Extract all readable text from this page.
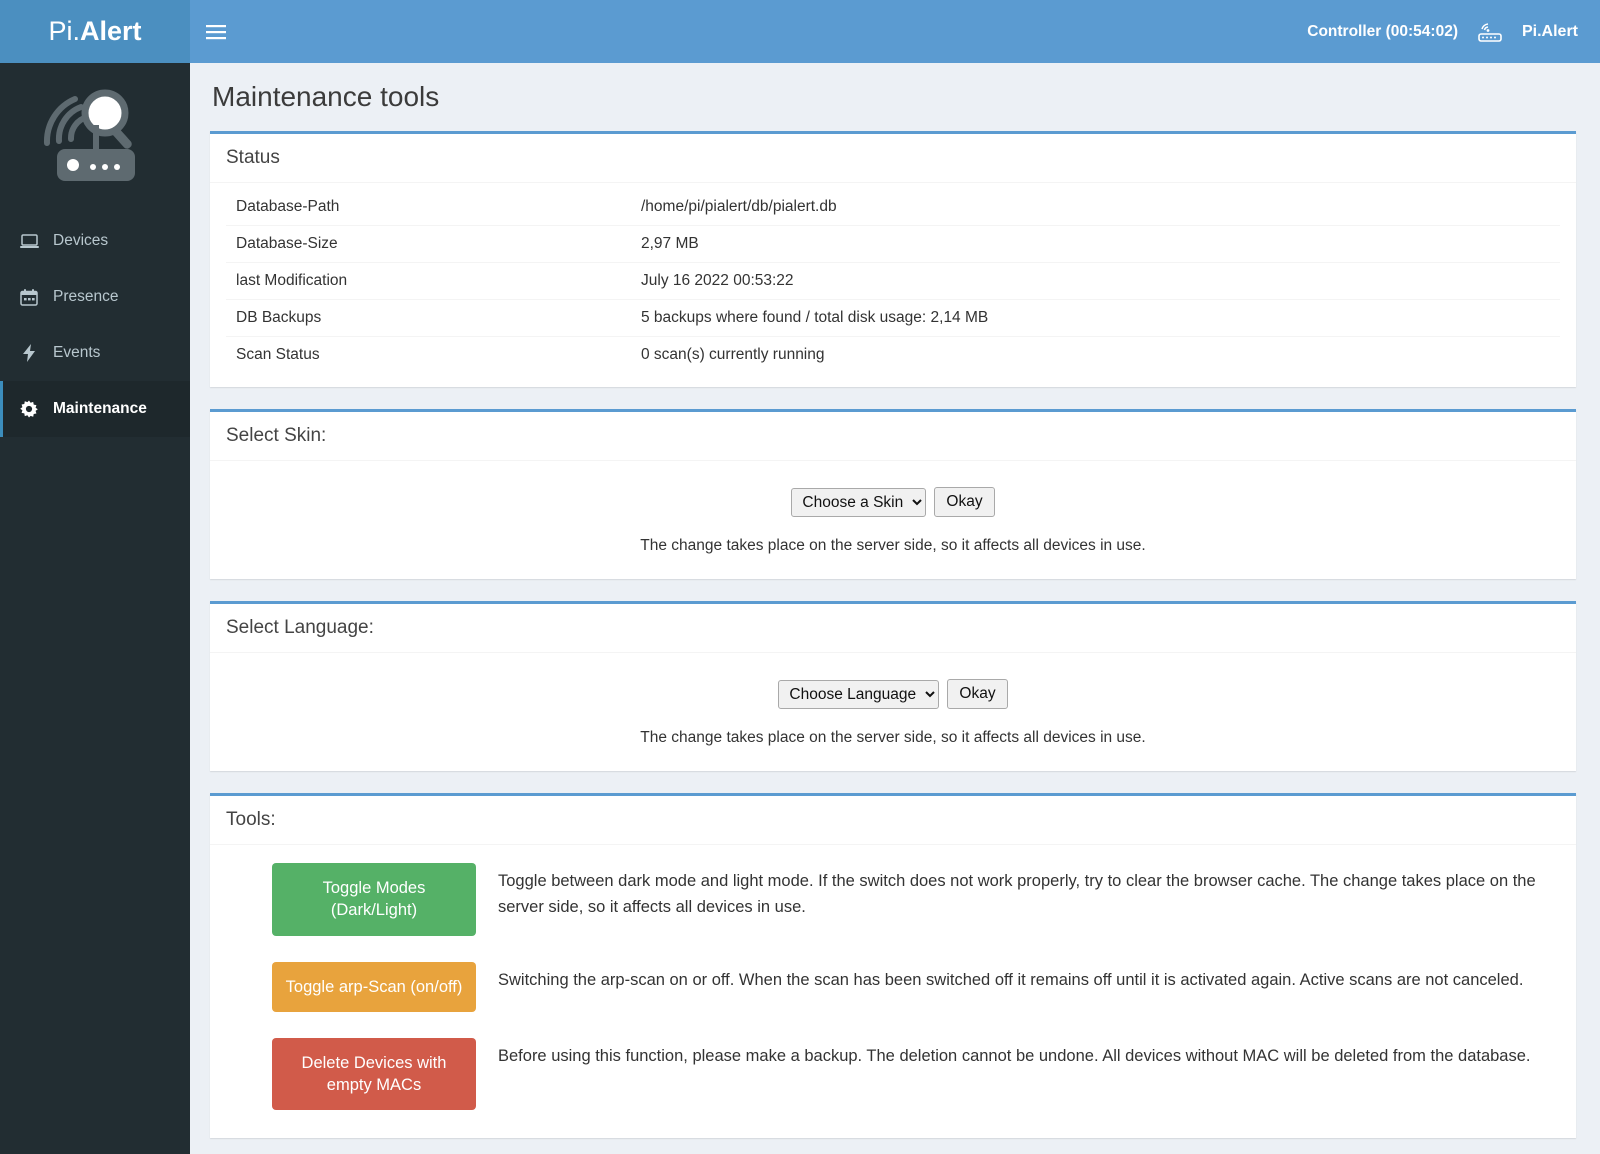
Pi. Alert	Controller (00:54:02)	Pi.Alert
Devices
Presence
Events
Maintenance
Maintenance tools
Status
Database-Path	/home/pi/pialert/db/pialert.db
Database-Size	2,97 MB
last Modification	July 16 2022 00:53:22
DB Backups	5 backups where found / total disk usage: 2,14 MB
Scan Status	0 scan(s) currently running
Select Skin:
Choose a Skin
Okay
The change takes place on the server side, so it affects all devices in use.
Select Language:
Choose Language
Okay
The change takes place on the server side, so it affects all devices in use.
Tools:
Toggle Modes (Dark/Light)
Toggle between dark mode and light mode. If the switch does not work properly, try to clear the browser cache. The change takes place on the server side, so it affects all devices in use.
Toggle arp-Scan (on/off)	Switching the arp-scan on or off. When the scan has been switched off it remains off until it is activated again. Active scans are not canceled.
Delete Devices with empty MACs
Before using this function, please make a backup. The deletion cannot be undone. All devices without MAC will be deleted from the database.
